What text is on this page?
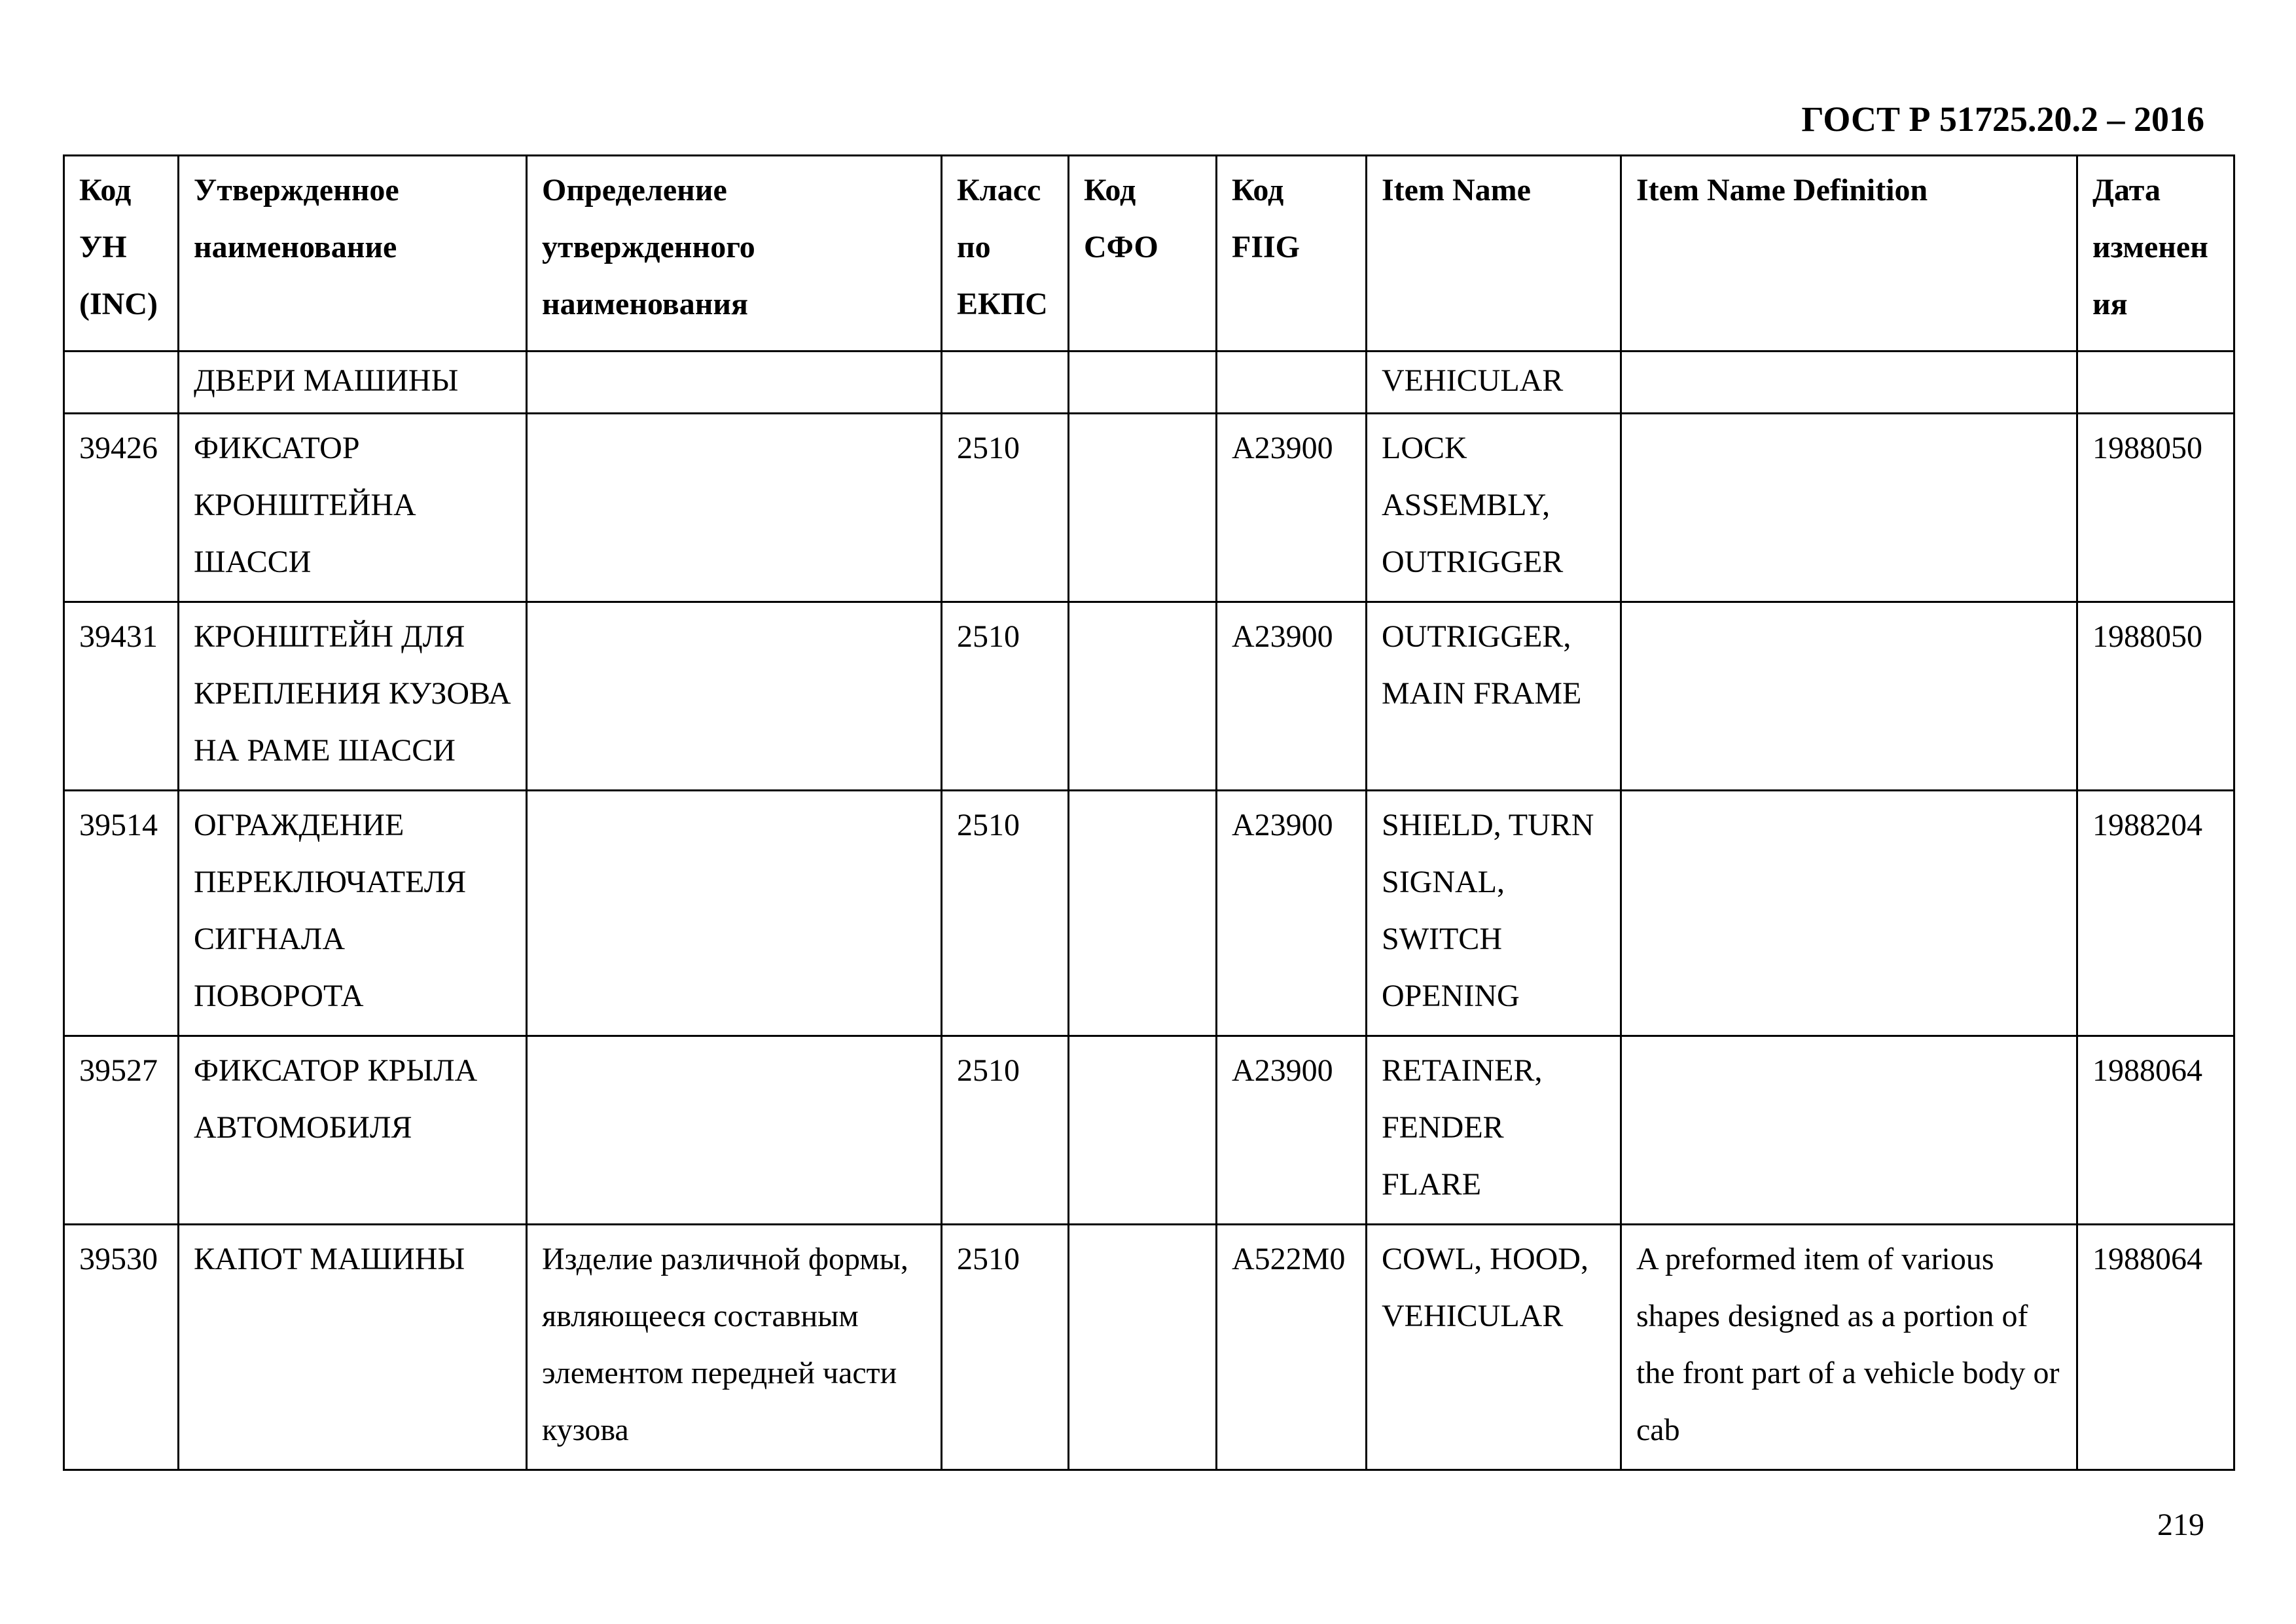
ГОСТ Р 51725.20.2 – 2016
Код УН (INC)	Утвержденное наименование	Определение утвержденного наименования	Класс по ЕКПС	Код СФО	Код FIIG	Item Name	Item Name Definition	Дата изменения
	ДВЕРИ МАШИНЫ					VEHICULAR		
39426	ФИКСАТОР КРОНШТЕЙНА ШАССИ		2510		A23900	LOCK ASSEMBLY, OUTRIGGER		1988050
39431	КРОНШТЕЙН ДЛЯ КРЕПЛЕНИЯ КУЗОВА НА РАМЕ ШАССИ		2510		A23900	OUTRIGGER, MAIN FRAME		1988050
39514	ОГРАЖДЕНИЕ ПЕРЕКЛЮЧАТЕЛЯ СИГНАЛА ПОВОРОТА		2510		A23900	SHIELD, TURN SIGNAL, SWITCH OPENING		1988204
39527	ФИКСАТОР КРЫЛА АВТОМОБИЛЯ		2510		A23900	RETAINER, FENDER FLARE		1988064
39530	КАПОТ МАШИНЫ	Изделие различной формы, являющееся составным элементом передней части кузова	2510		A522M0	COWL, HOOD, VEHICULAR	A preformed item of various shapes designed as a portion of the front part of a vehicle body or cab	1988064
219
